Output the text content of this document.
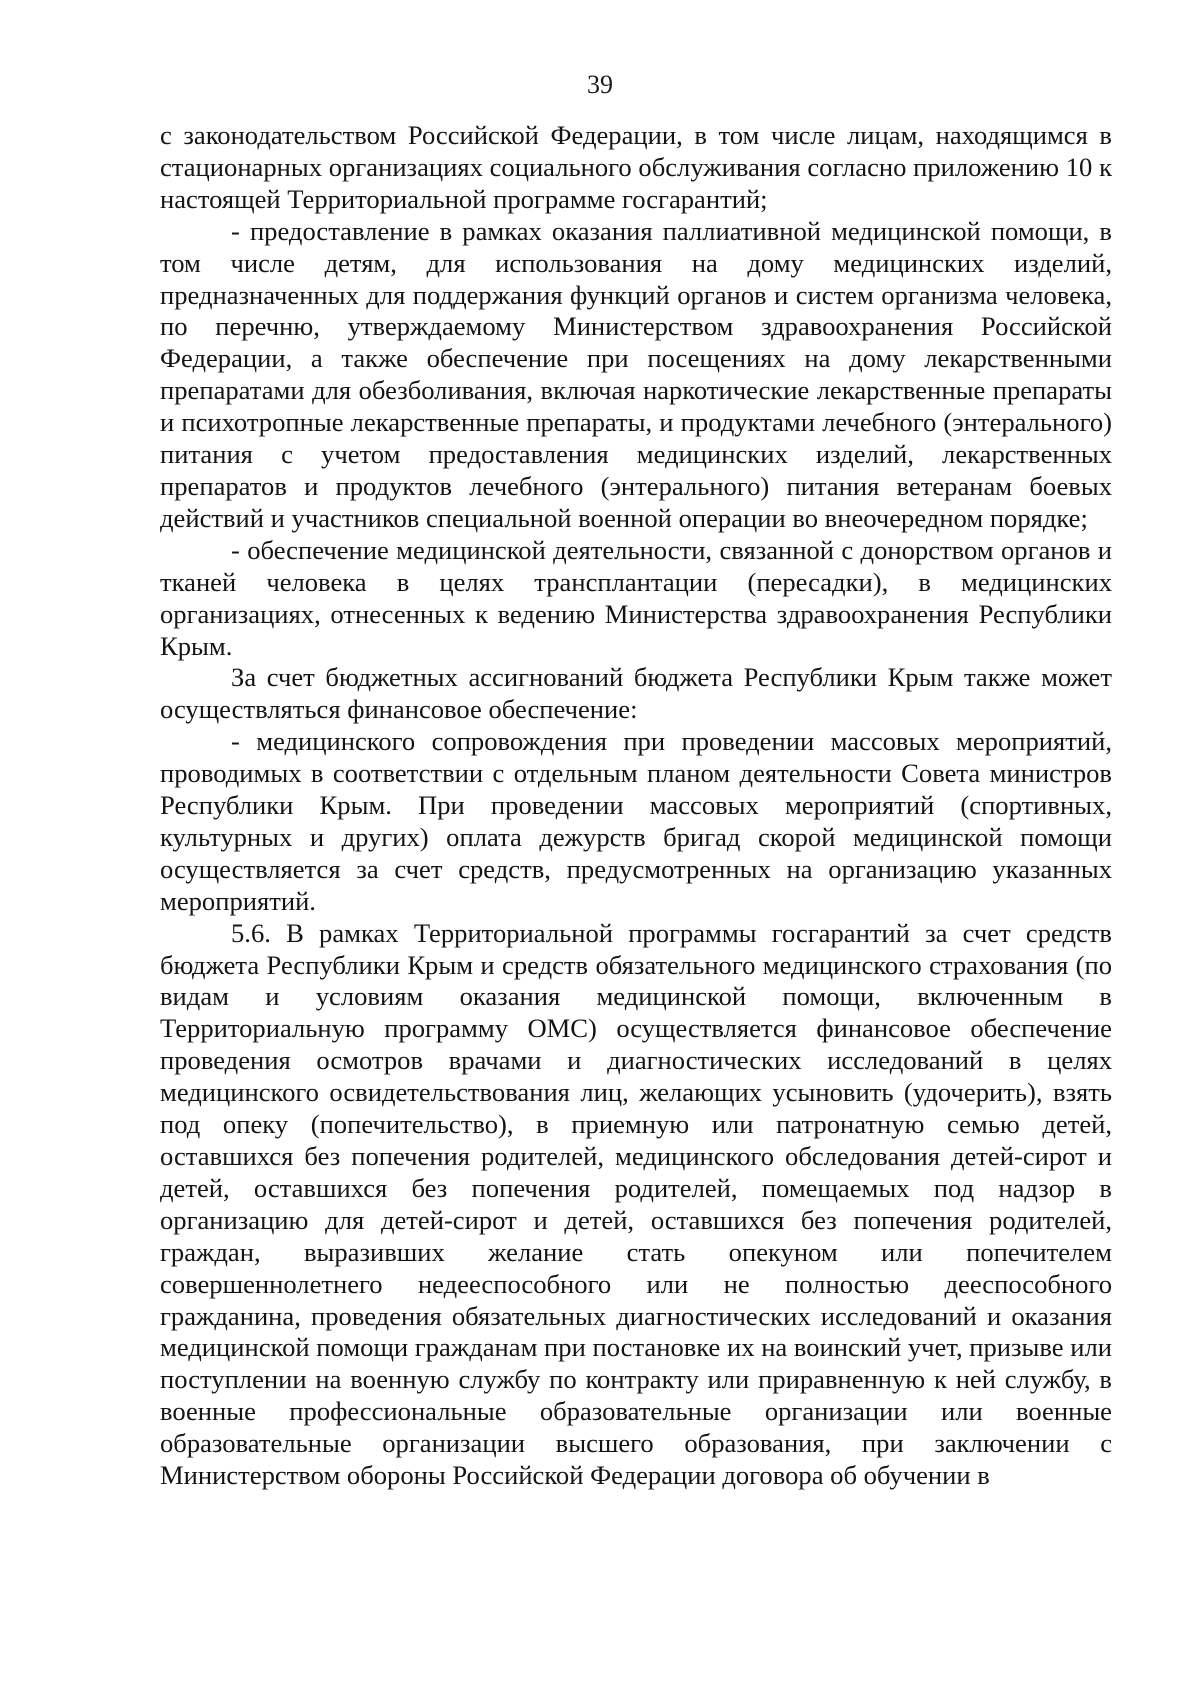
39

с законодательством Российской Федерации, в том числе лицам, находящимся в стационарных организациях социального обслуживания согласно приложению 10 к настоящей Территориальной программе госгарантий;

- предоставление в рамках оказания паллиативной медицинской помощи, в том числе детям, для использования на дому медицинских изделий, предназначенных для поддержания функций органов и систем организма человека, по перечню, утверждаемому Министерством здравоохранения Российской Федерации, а также обеспечение при посещениях на дому лекарственными препаратами для обезболивания, включая наркотические лекарственные препараты и психотропные лекарственные препараты, и продуктами лечебного (энтерального) питания с учетом предоставления медицинских изделий, лекарственных препаратов и продуктов лечебного (энтерального) питания ветеранам боевых действий и участников специальной военной операции во внеочередном порядке;

- обеспечение медицинской деятельности, связанной с донорством органов и тканей человека в целях трансплантации (пересадки), в медицинских организациях, отнесенных к ведению Министерства здравоохранения Республики Крым.

За счет бюджетных ассигнований бюджета Республики Крым также может осуществляться финансовое обеспечение:

- медицинского сопровождения при проведении массовых мероприятий, проводимых в соответствии с отдельным планом деятельности Совета министров Республики Крым. При проведении массовых мероприятий (спортивных, культурных и других) оплата дежурств бригад скорой медицинской помощи осуществляется за счет средств, предусмотренных на организацию указанных мероприятий.

5.6. В рамках Территориальной программы госгарантий за счет средств бюджета Республики Крым и средств обязательного медицинского страхования (по видам и условиям оказания медицинской помощи, включенным в Территориальную программу ОМС) осуществляется финансовое обеспечение проведения осмотров врачами и диагностических исследований в целях медицинского освидетельствования лиц, желающих усыновить (удочерить), взять под опеку (попечительство), в приемную или патронатную семью детей, оставшихся без попечения родителей, медицинского обследования детей-сирот и детей, оставшихся без попечения родителей, помещаемых под надзор в организацию для детей-сирот и детей, оставшихся без попечения родителей, граждан, выразивших желание стать опекуном или попечителем совершеннолетнего недееспособного или не полностью дееспособного гражданина, проведения обязательных диагностических исследований и оказания медицинской помощи гражданам при постановке их на воинский учет, призыве или поступлении на военную службу по контракту или приравненную к ней службу, в военные профессиональные образовательные организации или военные образовательные организации высшего образования, при заключении с Министерством обороны Российской Федерации договора об обучении в
